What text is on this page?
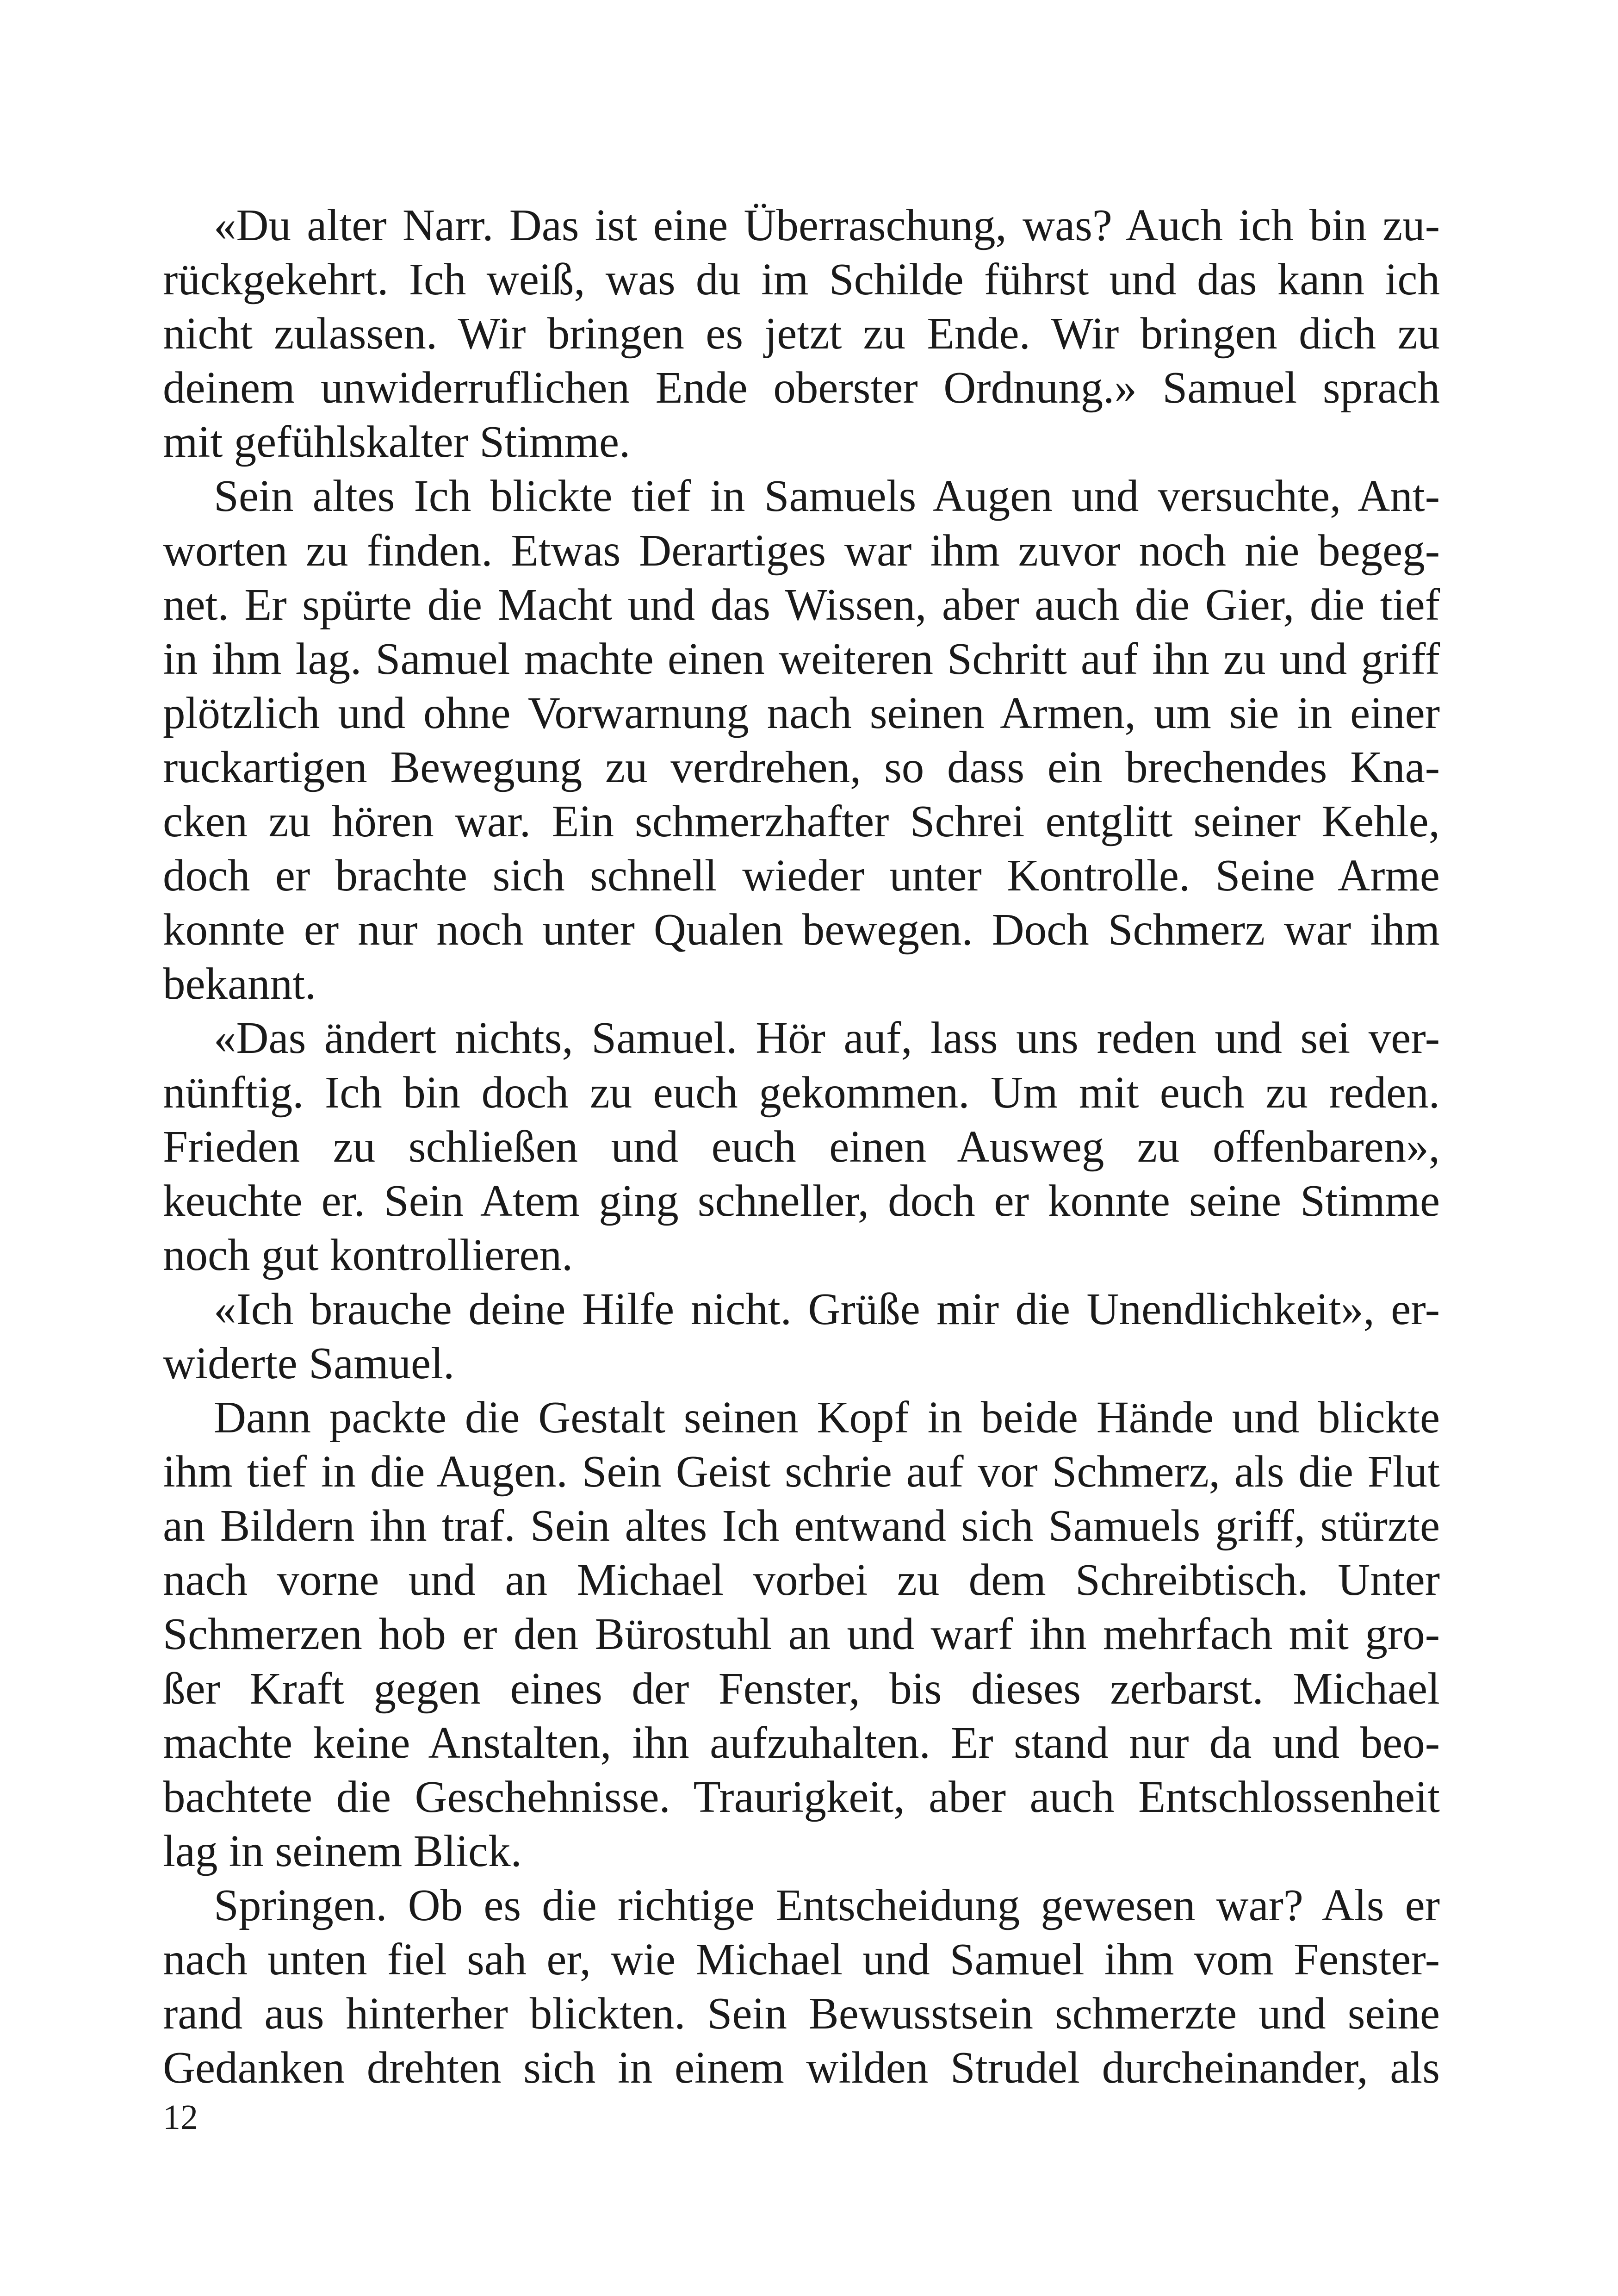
«Du alter Narr. Das ist eine Überraschung, was? Auch ich bin zu-
rückgekehrt. Ich weiß, was du im Schilde führst und das kann ich
nicht zulassen. Wir bringen es jetzt zu Ende. Wir bringen dich zu
deinem unwiderruflichen Ende oberster Ordnung.» Samuel sprach
mit gefühlskalter Stimme.
Sein altes Ich blickte tief in Samuels Augen und versuchte, Ant-
worten zu finden. Etwas Derartiges war ihm zuvor noch nie begeg-
net. Er spürte die Macht und das Wissen, aber auch die Gier, die tief
in ihm lag. Samuel machte einen weiteren Schritt auf ihn zu und griff
plötzlich und ohne Vorwarnung nach seinen Armen, um sie in einer
ruckartigen Bewegung zu verdrehen, so dass ein brechendes Kna-
cken zu hören war. Ein schmerzhafter Schrei entglitt seiner Kehle,
doch er brachte sich schnell wieder unter Kontrolle. Seine Arme
konnte er nur noch unter Qualen bewegen. Doch Schmerz war ihm
bekannt.
«Das ändert nichts, Samuel. Hör auf, lass uns reden und sei ver-
nünftig. Ich bin doch zu euch gekommen. Um mit euch zu reden.
Frieden zu schließen und euch einen Ausweg zu offenbaren»,
keuchte er. Sein Atem ging schneller, doch er konnte seine Stimme
noch gut kontrollieren.
«Ich brauche deine Hilfe nicht. Grüße mir die Unendlichkeit», er-
widerte Samuel.
Dann packte die Gestalt seinen Kopf in beide Hände und blickte
ihm tief in die Augen. Sein Geist schrie auf vor Schmerz, als die Flut
an Bildern ihn traf. Sein altes Ich entwand sich Samuels griff, stürzte
nach vorne und an Michael vorbei zu dem Schreibtisch. Unter
Schmerzen hob er den Bürostuhl an und warf ihn mehrfach mit gro-
ßer Kraft gegen eines der Fenster, bis dieses zerbarst. Michael
machte keine Anstalten, ihn aufzuhalten. Er stand nur da und beo-
bachtete die Geschehnisse. Traurigkeit, aber auch Entschlossenheit
lag in seinem Blick.
Springen. Ob es die richtige Entscheidung gewesen war? Als er
nach unten fiel sah er, wie Michael und Samuel ihm vom Fenster-
rand aus hinterher blickten. Sein Bewusstsein schmerzte und seine
Gedanken drehten sich in einem wilden Strudel durcheinander, als
12
